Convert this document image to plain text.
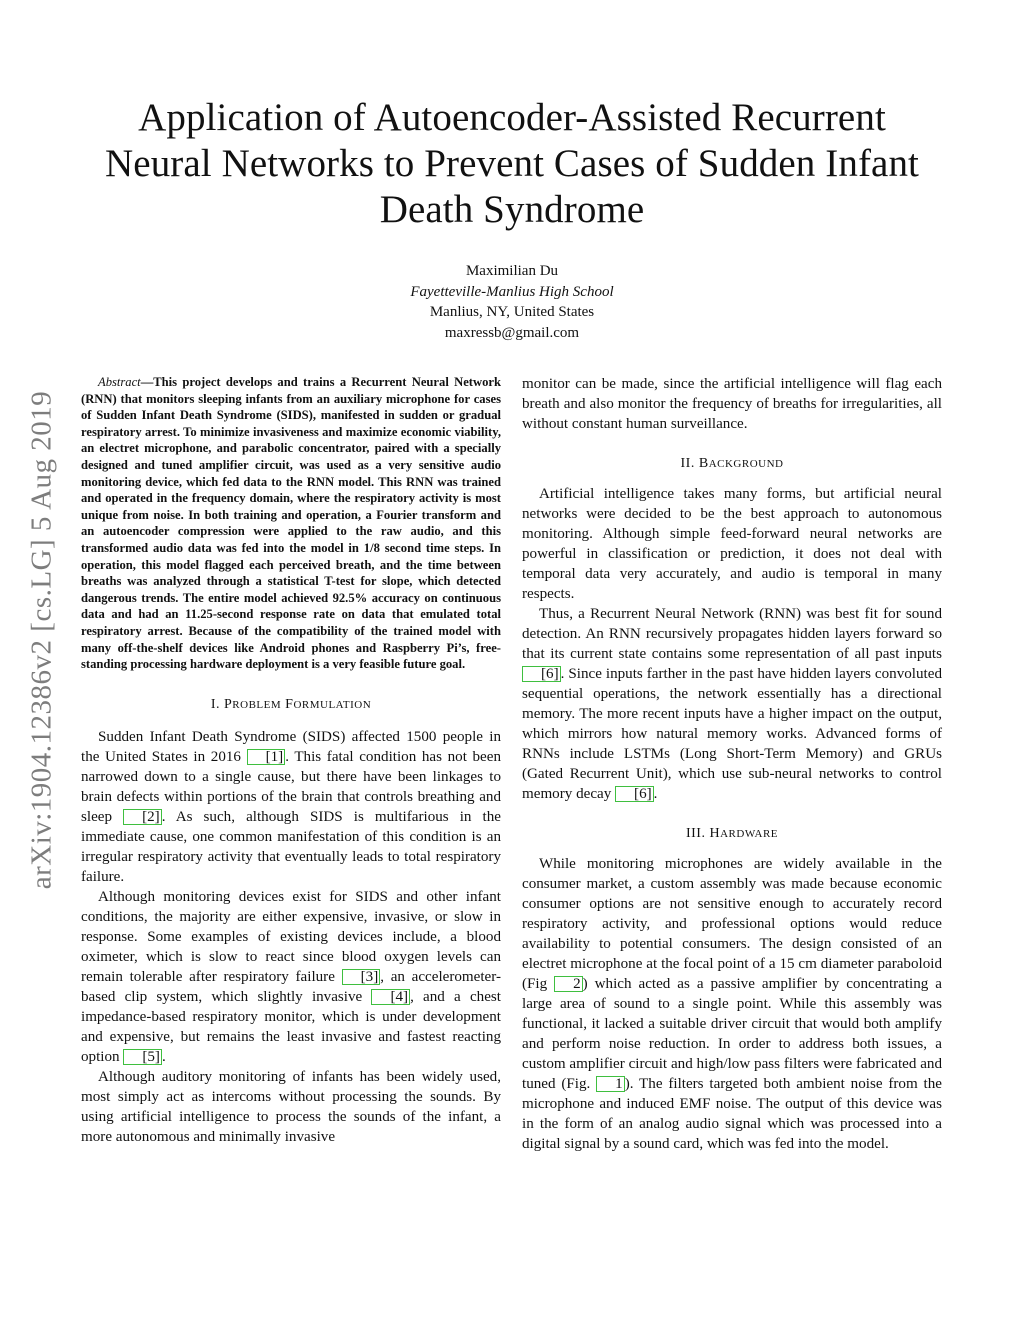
arXiv:1904.12386v2 [cs.LG] 5 Aug 2019
Application of Autoencoder-Assisted Recurrent
Neural Networks to Prevent Cases of Sudden Infant
Death Syndrome
Maximilian Du
Fayetteville-Manlius High School
Manlius, NY, United States
maxressb@gmail.com

Abstract—This project develops and trains a Recurrent Neural Network (RNN) that monitors sleeping infants from an auxiliary microphone for cases of Sudden Infant Death Syndrome (SIDS), manifested in sudden or gradual respiratory arrest. To minimize invasiveness and maximize economic viability, an electret microphone, and parabolic concentrator, paired with a specially designed and tuned amplifier circuit, was used as a very sensitive audio monitoring device, which fed data to the RNN model. This RNN was trained and operated in the frequency domain, where the respiratory activity is most unique from noise. In both training and operation, a Fourier transform and an autoencoder compression were applied to the raw audio, and this transformed audio data was fed into the model in 1/8 second time steps. In operation, this model flagged each perceived breath, and the time between breaths was analyzed through a statistical T-test for slope, which detected dangerous trends. The entire model achieved 92.5% accuracy on continuous data and had an 11.25-second response rate on data that emulated total respiratory arrest. Because of the compatibility of the trained model with many off-the-shelf devices like Android phones and Raspberry Pi’s, free-standing processing hardware deployment is a very feasible future goal.

I. PROBLEM FORMULATION

Sudden Infant Death Syndrome (SIDS) affected 1500 people in the United States in 2016 [1] . This fatal condition has not been narrowed down to a single cause, but there have been linkages to brain defects within portions of the brain that controls breathing and sleep [2] . As such, although SIDS is multifarious in the immediate cause, one common manifestation of this condition is an irregular respiratory activity that eventually leads to total respiratory failure.

Although monitoring devices exist for SIDS and other infant conditions, the majority are either expensive, invasive, or slow in response. Some examples of existing devices include, a blood oximeter, which is slow to react since blood oxygen levels can remain tolerable after respiratory failure [3] , an accelerometer-based clip system, which slightly invasive [4] , and a chest impedance-based respiratory monitor, which is under development and expensive, but remains the least invasive and fastest reacting option [5] .

Although auditory monitoring of infants has been widely used, most simply act as intercoms without processing the sounds. By using artificial intelligence to process the sounds of the infant, a more autonomous and minimally invasive

monitor can be made, since the artificial intelligence will flag each breath and also monitor the frequency of breaths for irregularities, all without constant human surveillance.

II. BACKGROUND

Artificial intelligence takes many forms, but artificial neural networks were decided to be the best approach to autonomous monitoring. Although simple feed-forward neural networks are powerful in classification or prediction, it does not deal with temporal data very accurately, and audio is temporal in many respects.

Thus, a Recurrent Neural Network (RNN) was best fit for sound detection. An RNN recursively propagates hidden layers forward so that its current state contains some representation of all past inputs [6] . Since inputs farther in the past have hidden layers convoluted sequential operations, the network essentially has a directional memory. The more recent inputs have a higher impact on the output, which mirrors how natural memory works. Advanced forms of RNNs include LSTMs (Long Short-Term Memory) and GRUs (Gated Recurrent Unit), which use sub-neural networks to control memory decay [6] .

III. HARDWARE

While monitoring microphones are widely available in the consumer market, a custom assembly was made because economic consumer options are not sensitive enough to accurately record respiratory activity, and professional options would reduce availability to potential consumers. The design consisted of an electret microphone at the focal point of a 15 cm diameter paraboloid (Fig 2 ) which acted as a passive amplifier by concentrating a large area of sound to a single point. While this assembly was functional, it lacked a suitable driver circuit that would both amplify and perform noise reduction. In order to address both issues, a custom amplifier circuit and high/low pass filters were fabricated and tuned (Fig. 1 ). The filters targeted both ambient noise from the microphone and induced EMF noise. The output of this device was in the form of an analog audio signal which was processed into a digital signal by a sound card, which was fed into the model.
